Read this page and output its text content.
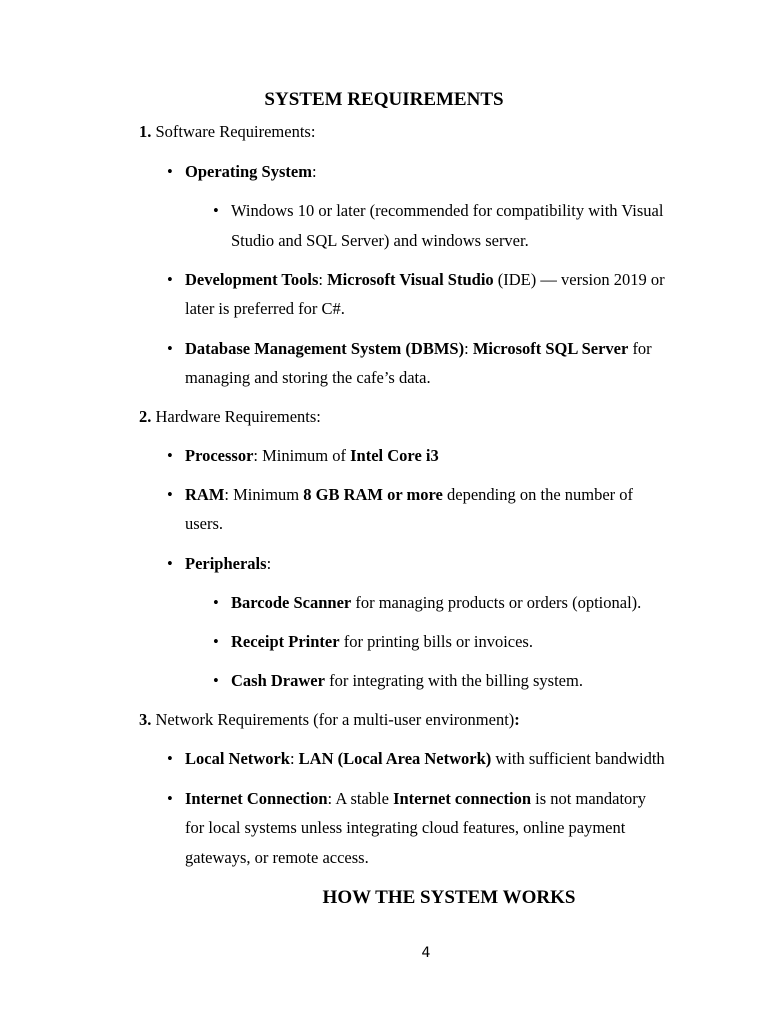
SYSTEM REQUIREMENTS
1. Software Requirements:
• Operating System:
• Windows 10 or later (recommended for compatibility with Visual
Studio and SQL Server) and windows server.
• Development Tools: Microsoft Visual Studio (IDE) — version 2019 or
later is preferred for C#.
• Database Management System (DBMS): Microsoft SQL Server for
managing and storing the cafe’s data.
2. Hardware Requirements:
• Processor: Minimum of Intel Core i3
• RAM: Minimum 8 GB RAM or more depending on the number of
users.
• Peripherals:
• Barcode Scanner for managing products or orders (optional).
• Receipt Printer for printing bills or invoices.
• Cash Drawer for integrating with the billing system.
3. Network Requirements (for a multi-user environment):
• Local Network: LAN (Local Area Network) with sufficient bandwidth
• Internet Connection: A stable Internet connection is not mandatory
for local systems unless integrating cloud features, online payment
gateways, or remote access.
HOW THE SYSTEM WORKS
4
